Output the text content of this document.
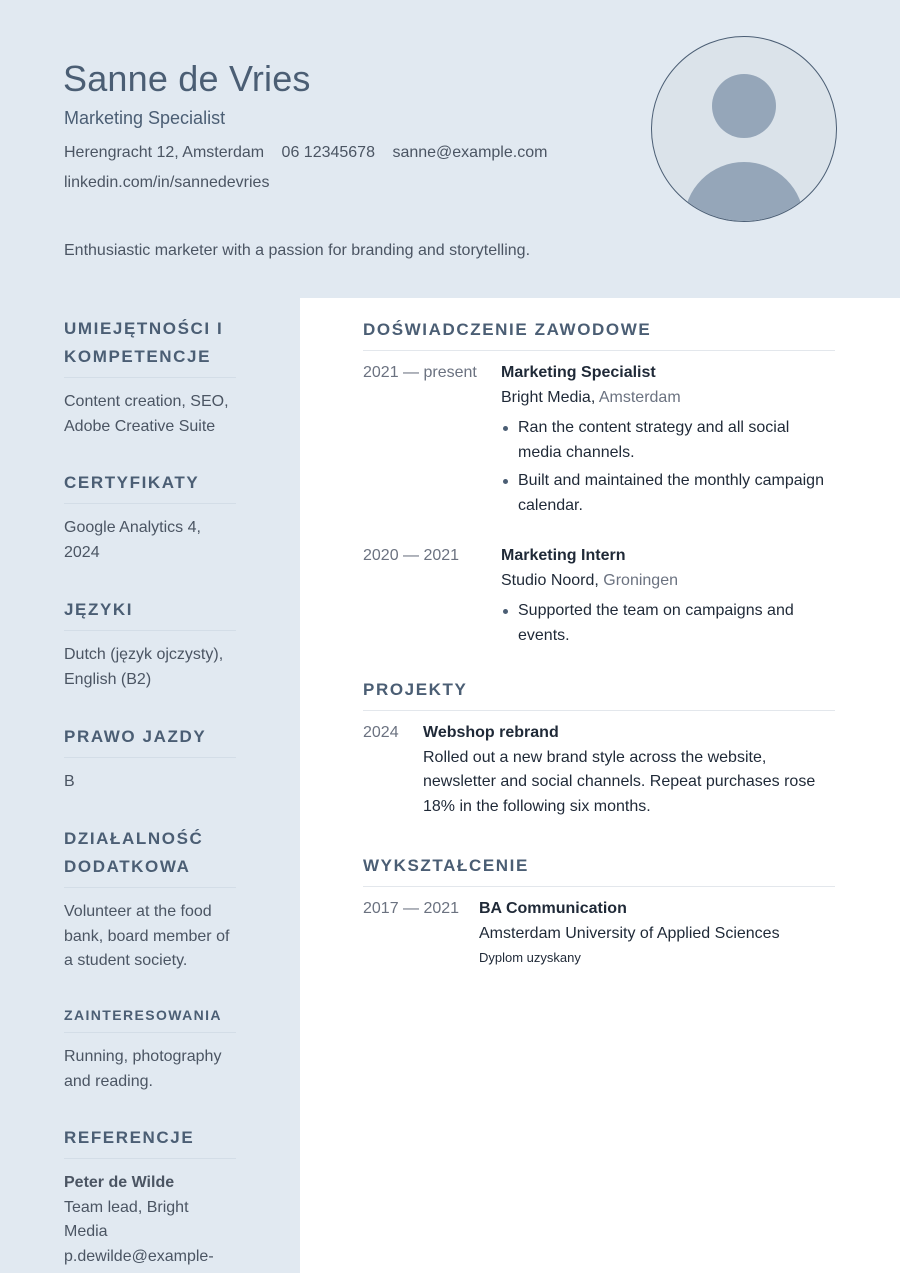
Sanne de Vries
Marketing Specialist
Herengracht 12, Amsterdam 06 12345678 sanne@example.com
linkedin.com/in/sannedevries
Enthusiastic marketer with a passion for branding and storytelling.
UMIEJĘTNOŚCI I KOMPETENCJE
Content creation, SEO, Adobe Creative Suite
CERTYFIKATY
Google Analytics 4, 2024
JĘZYKI
Dutch (język ojczysty), English (B2)
PRAWO JAZDY
B
DZIAŁALNOŚĆ DODATKOWA
Volunteer at the food bank, board member of a student society.
ZAINTERESOWANIA
Running, photography and reading.
REFERENCJE
Peter de Wilde
Team lead, Bright Media
p.dewilde@example-
DOŚWIADCZENIE ZAWODOWE
2021 — present Marketing Specialist
Bright Media, Amsterdam
Ran the content strategy and all social media channels.
Built and maintained the monthly campaign calendar.
2020 — 2021	Marketing Intern
Studio Noord, Groningen
Supported the team on campaigns and events.
PROJEKTY
2024 Webshop rebrand
Rolled out a new brand style across the website, newsletter and social channels. Repeat purchases rose 18% in the following six months.
WYKSZTAŁCENIE
2017 — 2021 BA Communication
Amsterdam University of Applied Sciences
Dyplom uzyskany
